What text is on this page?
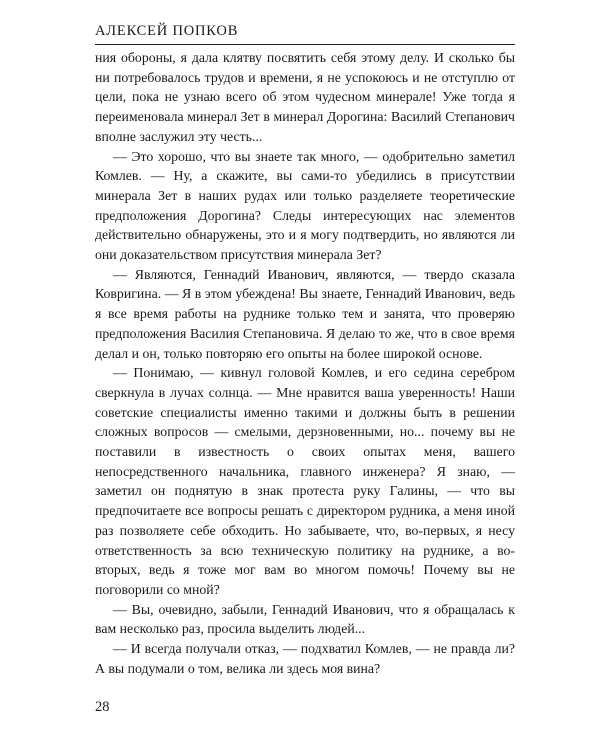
АЛЕКСЕЙ ПОПКОВ

ния обороны, я дала клятву посвятить себя этому делу. И сколько бы ни потребовалось трудов и времени, я не успокоюсь и не отступлю от цели, пока не узнаю всего об этом чудесном минерале! Уже тогда я переименовала минерал Зет в минерал Дорогина: Василий Степанович вполне заслужил эту честь...

— Это хорошо, что вы знаете так много, — одобрительно заметил Комлев. — Ну, а скажите, вы сами-то убедились в присутствии минерала Зет в наших рудах или только разделяете теоретические предположения Дорогина? Следы интересующих нас элементов действительно обнаружены, это и я могу подтвердить, но являются ли они доказательством присутствия минерала Зет?

— Являются, Геннадий Иванович, являются, — твердо сказала Ковригина. — Я в этом убеждена! Вы знаете, Геннадий Иванович, ведь я все время работы на руднике только тем и занята, что проверяю предположения Василия Степановича. Я делаю то же, что в свое время делал и он, только повторяю его опыты на более широкой основе.

— Понимаю, — кивнул головой Комлев, и его седина серебром сверкнула в лучах солнца. — Мне нравится ваша уверенность! Наши советские специалисты именно такими и должны быть в решении сложных вопросов — смелыми, дерзновенными, но... почему вы не поставили в известность о своих опытах меня, вашего непосредственного начальника, главного инженера? Я знаю, — заметил он поднятую в знак протеста руку Галины, — что вы предпочитаете все вопросы решать с директором рудника, а меня иной раз позволяете себе обходить. Но забываете, что, во-первых, я несу ответственность за всю техническую политику на руднике, а во-вторых, ведь я тоже мог вам во многом помочь! Почему вы не поговорили со мной?

— Вы, очевидно, забыли, Геннадий Иванович, что я обращалась к вам несколько раз, просила выделить людей...

— И всегда получали отказ, — подхватил Комлев, — не правда ли? А вы подумали о том, велика ли здесь моя вина?

28
